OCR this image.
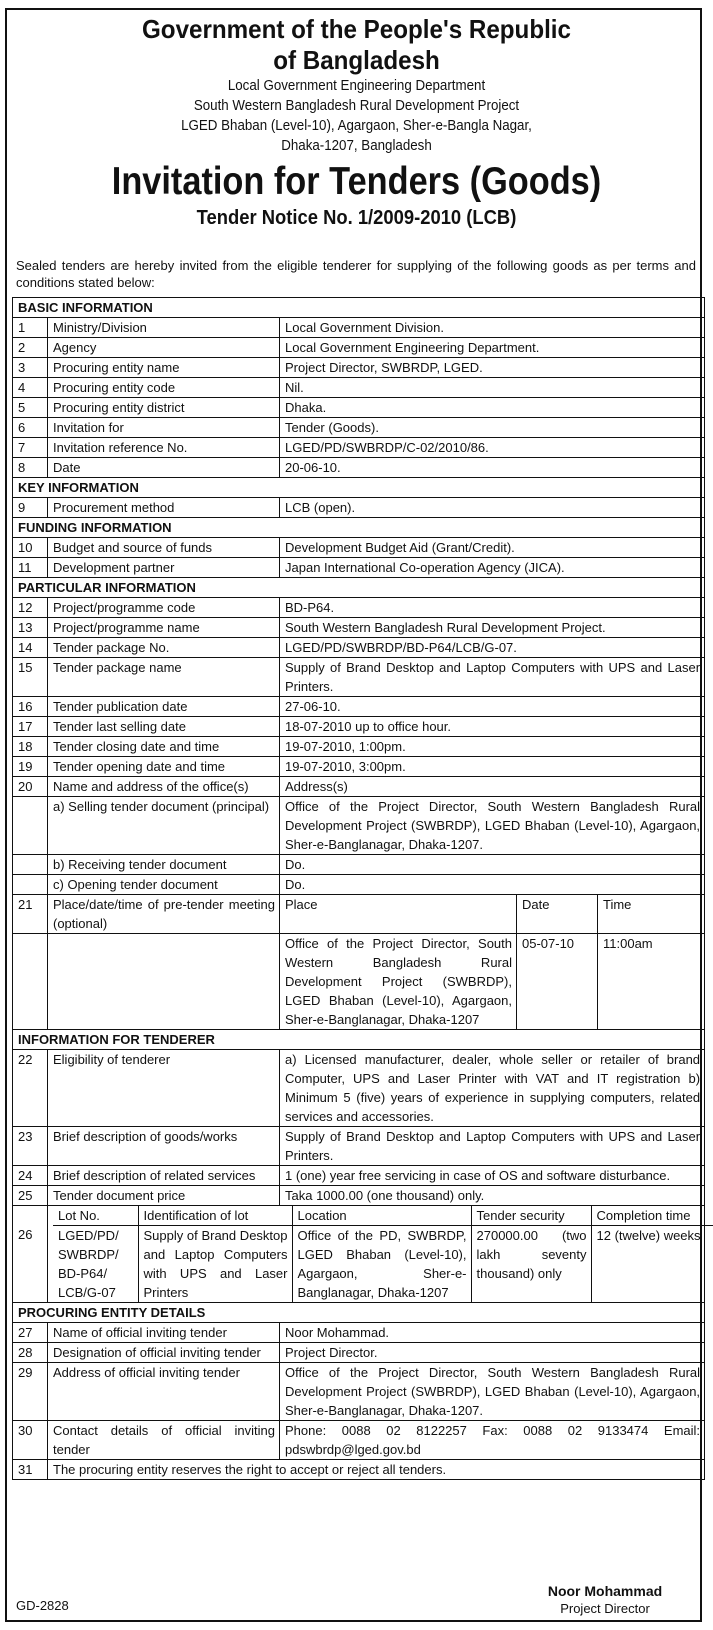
Government of the People's Republic
of Bangladesh
Local Government Engineering Department
South Western Bangladesh Rural Development Project
LGED Bhaban (Level-10), Agargaon, Sher-e-Bangla Nagar,
Dhaka-1207, Bangladesh
Invitation for Tenders (Goods)
Tender Notice No. 1/2009-2010 (LCB)

Sealed tenders are hereby invited from the eligible tenderer for supplying of the following goods as per terms and conditions stated below:

BASIC INFORMATION
1	Ministry/Division	Local Government Division.
2	Agency	Local Government Engineering Department.
3	Procuring entity name	Project Director, SWBRDP, LGED.
4	Procuring entity code	Nil.
5	Procuring entity district	Dhaka.
6	Invitation for	Tender (Goods).
7	Invitation reference No.	LGED/PD/SWBRDP/C-02/2010/86.
8	Date	20-06-10.
KEY INFORMATION
9	Procurement method	LCB (open).
FUNDING INFORMATION
10	Budget and source of funds	Development Budget Aid (Grant/Credit).
11	Development partner	Japan International Co-operation Agency (JICA).
PARTICULAR INFORMATION
12	Project/programme code	BD-P64.
13	Project/programme name	South Western Bangladesh Rural Development Project.
14	Tender package No.	LGED/PD/SWBRDP/BD-P64/LCB/G-07.
15	Tender package name	Supply of Brand Desktop and Laptop Computers with UPS and Laser Printers.
16	Tender publication date	27-06-10.
17	Tender last selling date	18-07-2010 up to office hour.
18	Tender closing date and time	19-07-2010, 1:00pm.
19	Tender opening date and time	19-07-2010, 3:00pm.
20	Name and address of the office(s)	Address(s)
	a) Selling tender document (principal)	Office of the Project Director, South Western Bangladesh Rural Development Project (SWBRDP), LGED Bhaban (Level-10), Agargaon, Sher-e-Banglanagar, Dhaka-1207.
	b) Receiving tender document	Do.
	c) Opening tender document	Do.
21	Place/date/time of pre-tender meeting (optional)	Place	Date	Time
		Office of the Project Director, South Western Bangladesh Rural Development Project (SWBRDP), LGED Bhaban (Level-10), Agargaon, Sher-e-Banglanagar, Dhaka-1207	05-07-10	11:00am
INFORMATION FOR TENDERER
22	Eligibility of tenderer	a) Licensed manufacturer, dealer, whole seller or retailer of brand Computer, UPS and Laser Printer with VAT and IT registration b) Minimum 5 (five) years of experience in supplying computers, related services and accessories.
23	Brief description of goods/works	Supply of Brand Desktop and Laptop Computers with UPS and Laser Printers.
24	Brief description of related services	1 (one) year free servicing in case of OS and software disturbance.
25	Tender document price	Taka 1000.00 (one thousand) only.

26	
Lot No.	Identification of lot	Location	Tender security	Completion time
LGED/PD/ SWBRDP/ BD-P64/ LCB/G-07	Supply of Brand Desktop and Laptop Computers with UPS and Laser Printers	Office of the PD, SWBRDP, LGED Bhaban (Level-10), Agargaon, Sher-e-Banglanagar, Dhaka-1207	270000.00 (two lakh seventy thousand) only	12 (twelve) weeks

PROCURING ENTITY DETAILS
27	Name of official inviting tender	Noor Mohammad.
28	Designation of official inviting tender	Project Director.
29	Address of official inviting tender	Office of the Project Director, South Western Bangladesh Rural Development Project (SWBRDP), LGED Bhaban (Level-10), Agargaon, Sher-e-Banglanagar, Dhaka-1207.
30	Contact details of official inviting tender	Phone: 0088 02 8122257 Fax: 0088 02 9133474 Email: pdswbrdp@lged.gov.bd
31	The procuring entity reserves the right to accept or reject all tenders.
GD-2828
Noor Mohammad
Project Director
